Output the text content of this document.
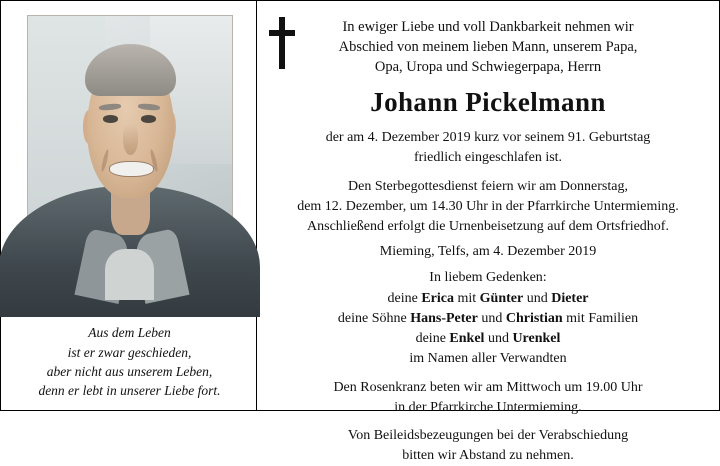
Aus dem Leben
ist er zwar geschieden,
aber nicht aus unserem Leben,
denn er lebt in unserer Liebe fort.
In ewiger Liebe und voll Dankbarkeit nehmen wir
Abschied von meinem lieben Mann, unserem Papa,
Opa, Uropa und Schwiegerpapa, Herrn
Johann Pickelmann
der am 4. Dezember 2019 kurz vor seinem 91. Geburtstag
friedlich eingeschlafen ist.
Den Sterbegottesdienst feiern wir am Donnerstag,
dem 12. Dezember, um 14.30 Uhr in der Pfarrkirche Untermieming.
Anschließend erfolgt die Urnenbeisetzung auf dem Ortsfriedhof.
Mieming, Telfs, am 4. Dezember 2019
In liebem Gedenken:
deine Erica mit Günter und Dieter
deine Söhne Hans-Peter und Christian mit Familien
deine Enkel und Urenkel
im Namen aller Verwandten
Den Rosenkranz beten wir am Mittwoch um 19.00 Uhr
in der Pfarrkirche Untermieming.
Von Beileidsbezeugungen bei der Verabschiedung
bitten wir Abstand zu nehmen.
